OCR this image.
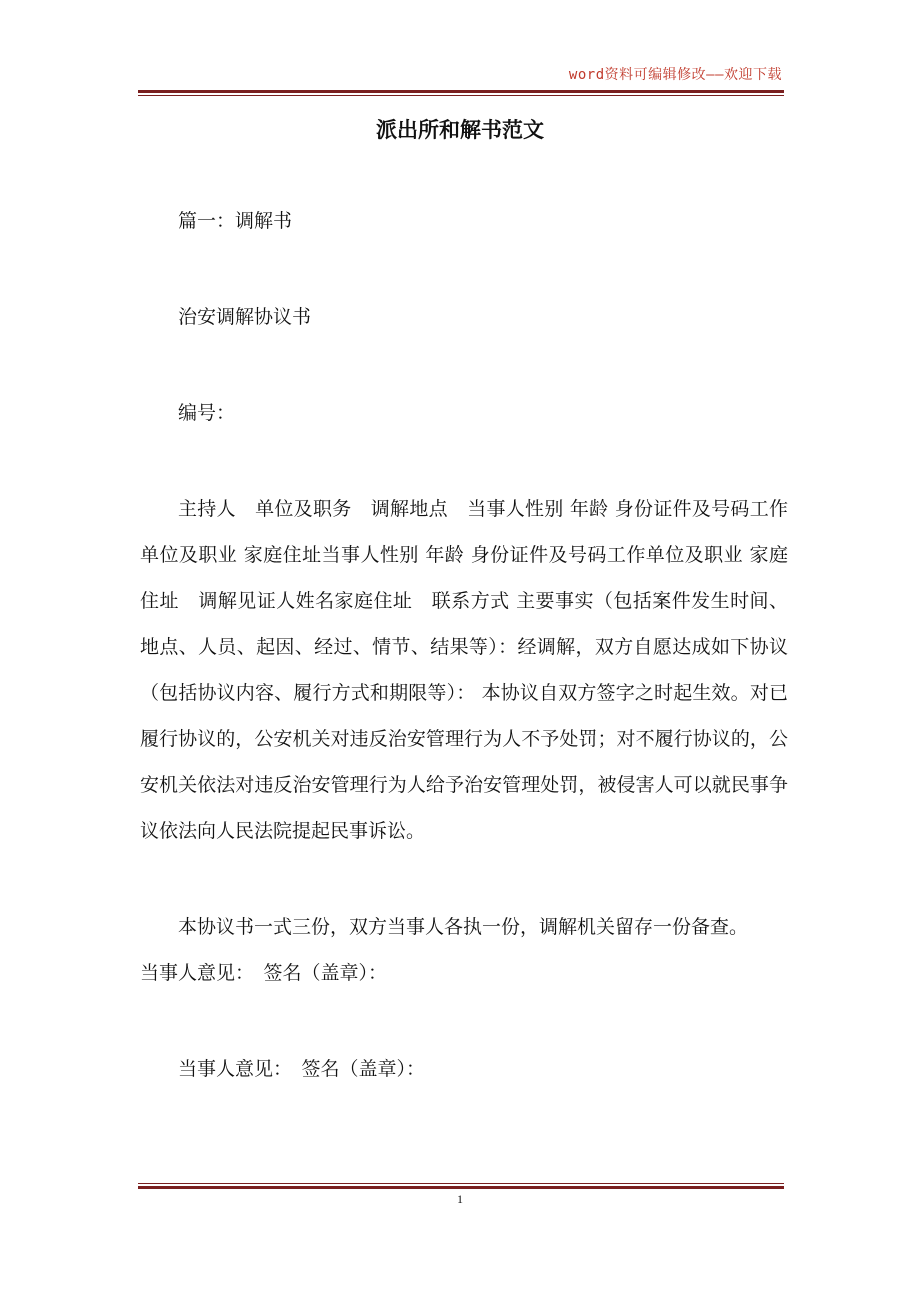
word资料可编辑修改——欢迎下载
派出所和解书范文

篇一：调解书

治安调解协议书

编号：

主持人　单位及职务　调解地点　当事人性别 年龄 身份证件及号码工作单位及职业 家庭住址当事人性别 年龄 身份证件及号码工作单位及职业 家庭住址　调解见证人姓名家庭住址　联系方式 主要事实（包括案件发生时间、地点、人员、起因、经过、情节、结果等）：经调解，双方自愿达成如下协议（包括协议内容、履行方式和期限等）： 本协议自双方签字之时起生效。对已履行协议的，公安机关对违反治安管理行为人不予处罚；对不履行协议的，公安机关依法对违反治安管理行为人给予治安管理处罚，被侵害人可以就民事争议依法向人民法院提起民事诉讼。

本协议书一式三份，双方当事人各执一份，调解机关留存一份备查。

当事人意见：　签名（盖章）：

当事人意见：　签名（盖章）：

1
